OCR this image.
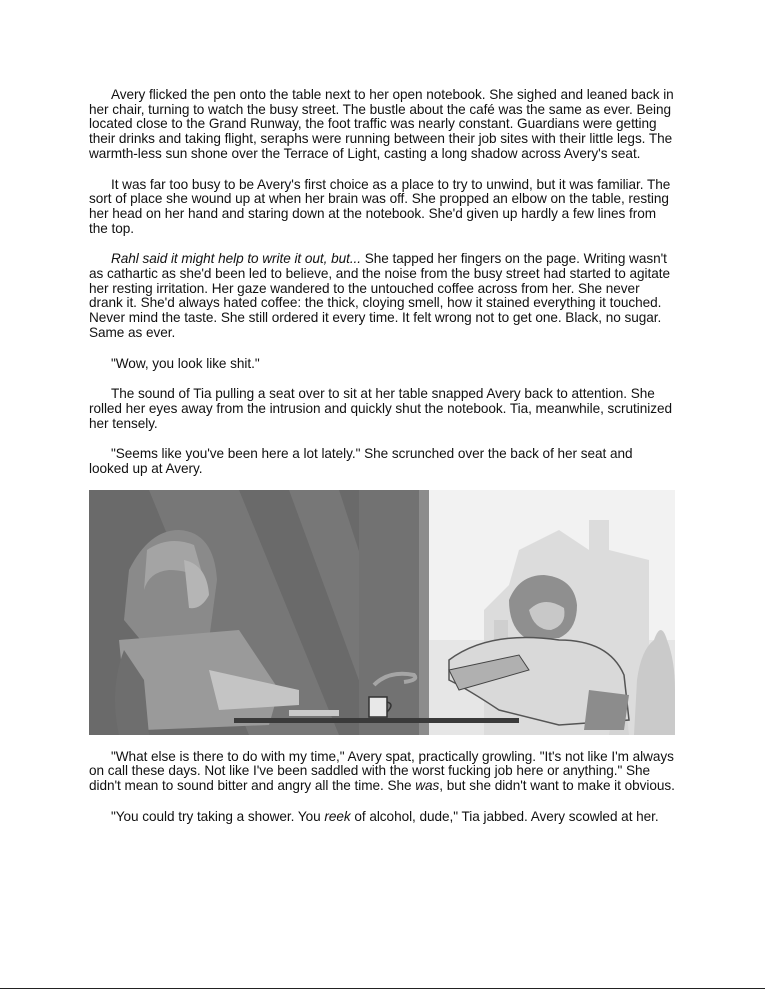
Avery flicked the pen onto the table next to her open notebook. She sighed and leaned back in her chair, turning to watch the busy street. The bustle about the café was the same as ever. Being located close to the Grand Runway, the foot traffic was nearly constant. Guardians were getting their drinks and taking flight, seraphs were running between their job sites with their little legs. The warmth-less sun shone over the Terrace of Light, casting a long shadow across Avery's seat.

It was far too busy to be Avery's first choice as a place to try to unwind, but it was familiar. The sort of place she wound up at when her brain was off. She propped an elbow on the table, resting her head on her hand and staring down at the notebook. She'd given up hardly a few lines from the top.

Rahl said it might help to write it out, but... She tapped her fingers on the page. Writing wasn't as cathartic as she'd been led to believe, and the noise from the busy street had started to agitate her resting irritation. Her gaze wandered to the untouched coffee across from her. She never drank it. She'd always hated coffee: the thick, cloying smell, how it stained everything it touched. Never mind the taste. She still ordered it every time. It felt wrong not to get one. Black, no sugar. Same as ever.

"Wow, you look like shit."

The sound of Tia pulling a seat over to sit at her table snapped Avery back to attention. She rolled her eyes away from the intrusion and quickly shut the notebook. Tia, meanwhile, scrutinized her tensely.

"Seems like you've been here a lot lately." She scrunched over the back of her seat and looked up at Avery.

"What else is there to do with my time," Avery spat, practically growling. "It's not like I'm always on call these days. Not like I've been saddled with the worst fucking job here or anything." She didn't mean to sound bitter and angry all the time. She was, but she didn't want to make it obvious.

"You could try taking a shower. You reek of alcohol, dude," Tia jabbed. Avery scowled at her.
